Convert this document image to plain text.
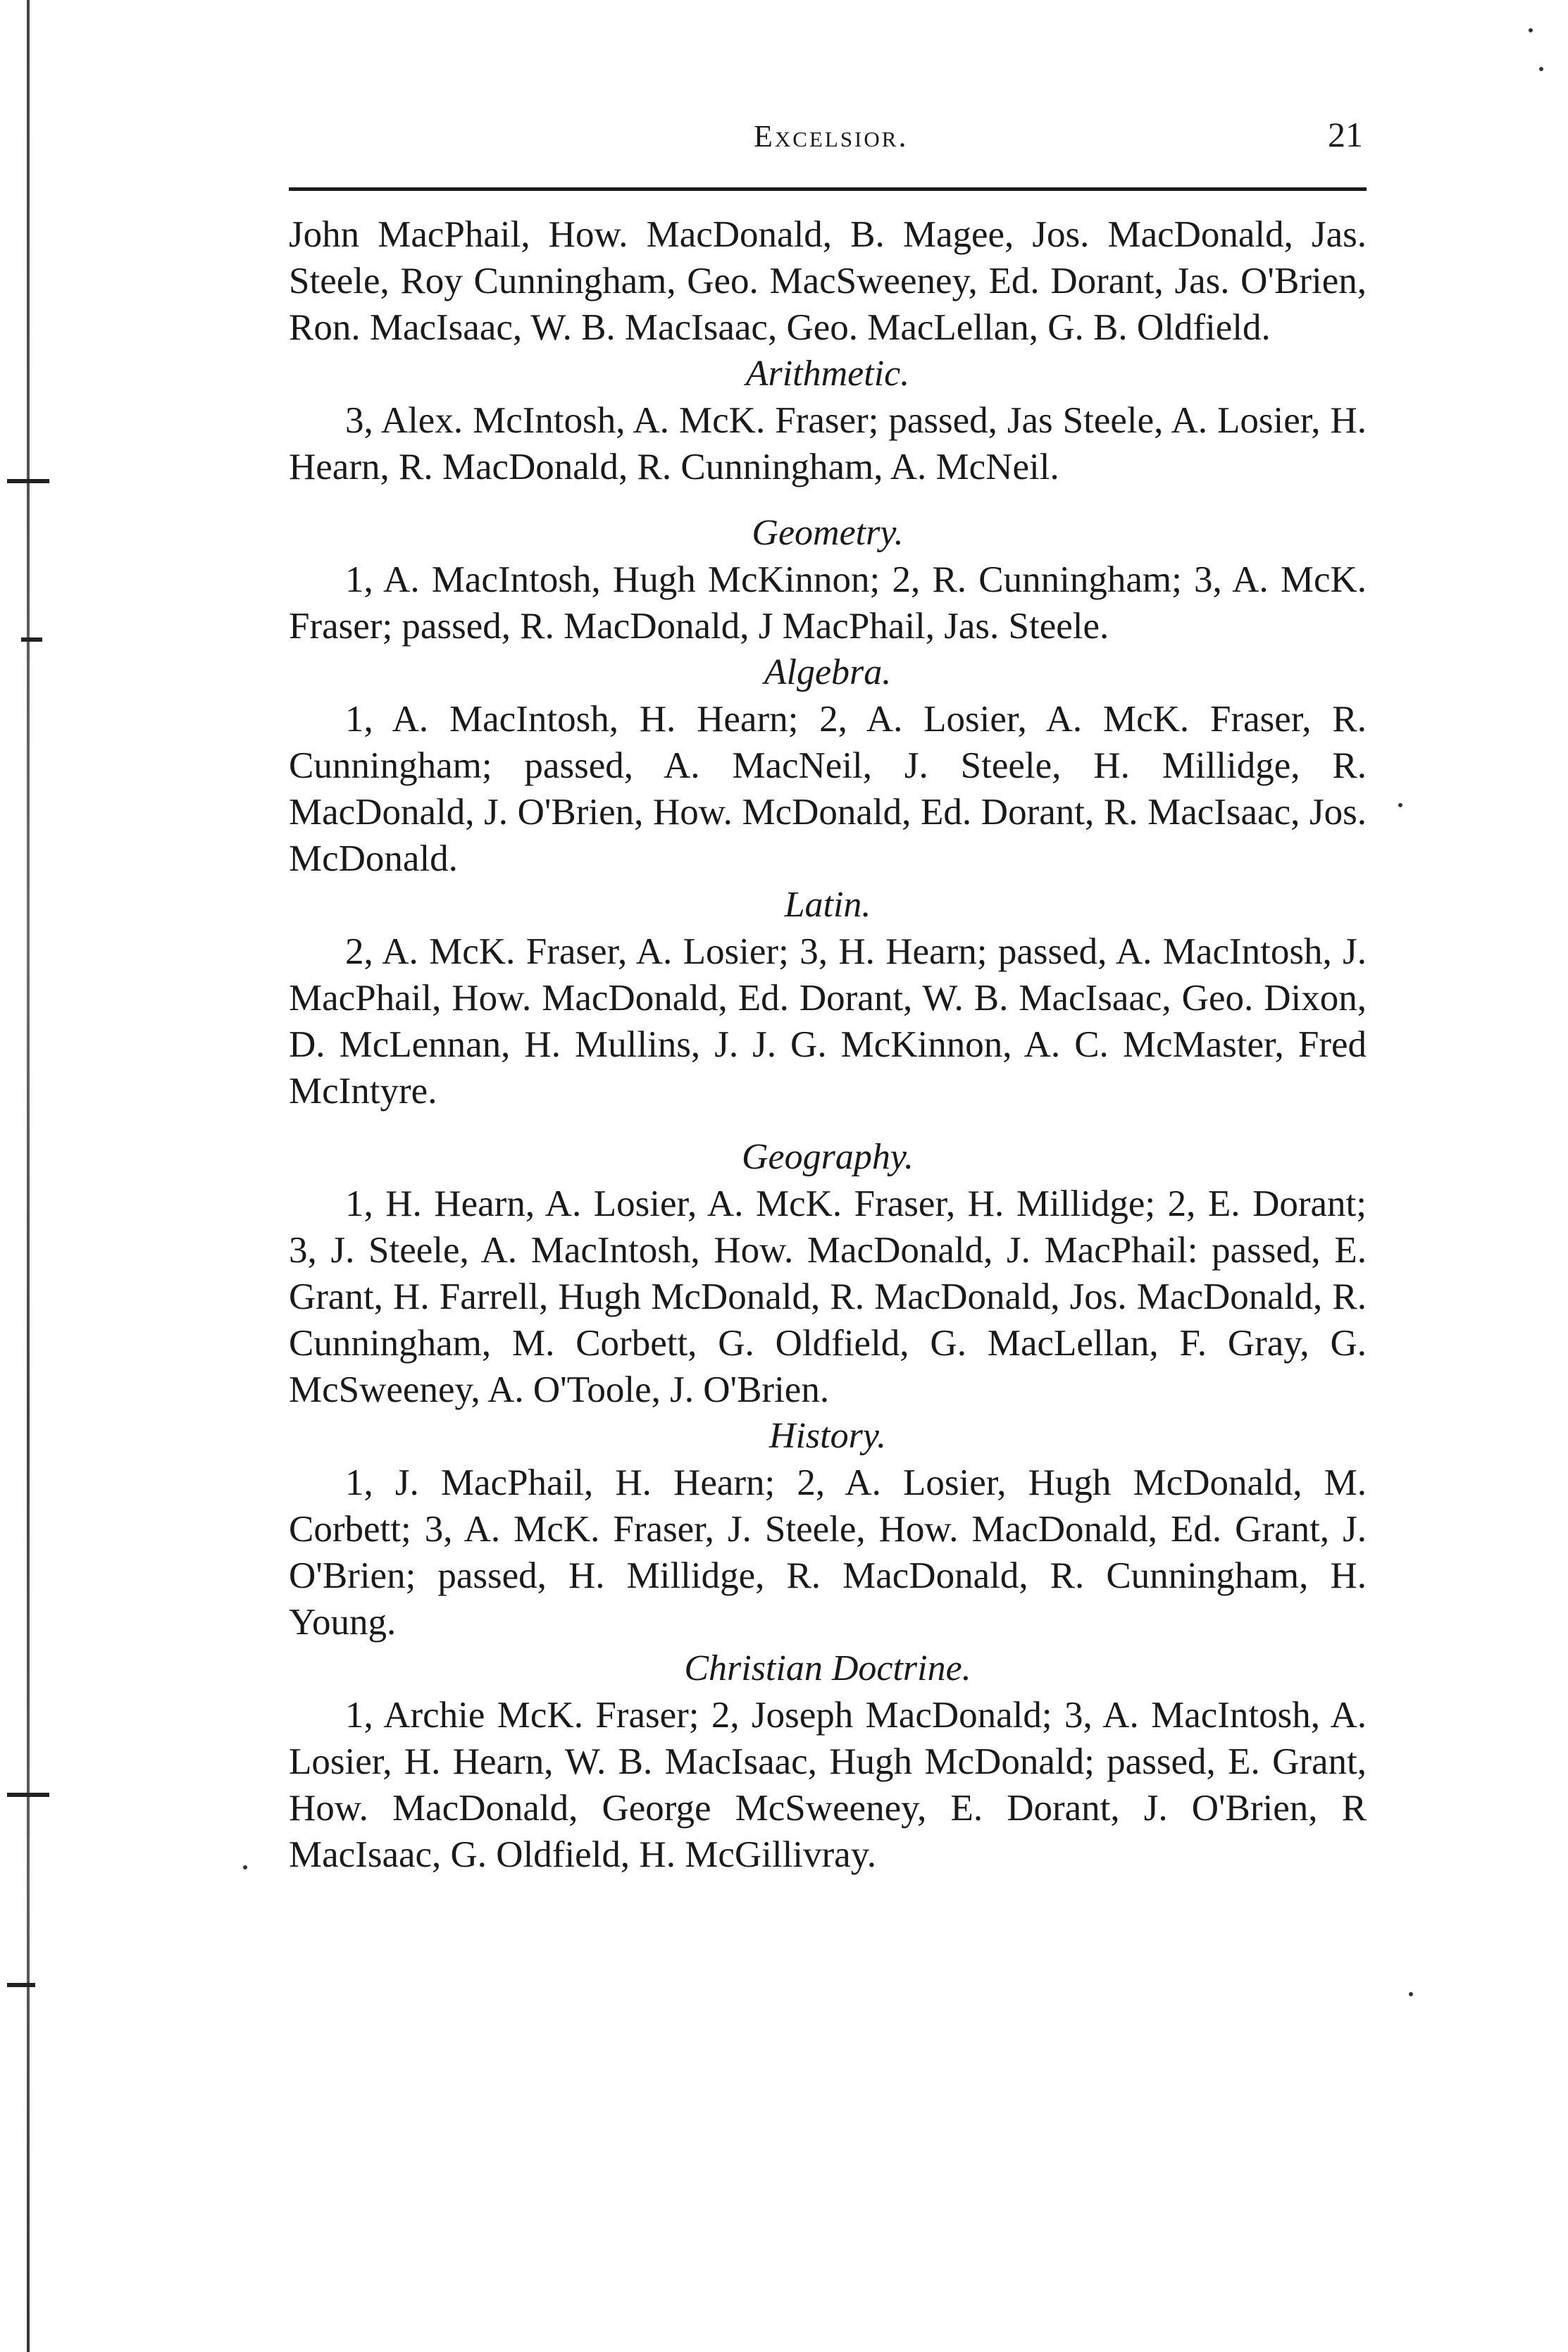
Excelsior.	21

John MacPhail, How. MacDonald, B. Magee, Jos. MacDonald, Jas. Steele, Roy Cunningham, Geo. MacSweeney, Ed. Dorant, Jas. O'Brien, Ron. MacIsaac, W. B. MacIsaac, Geo. MacLellan, G. B. Oldfield.

Arithmetic.

3, Alex. McIntosh, A. McK. Fraser; passed, Jas Steele, A. Losier, H. Hearn, R. MacDonald, R. Cunningham, A. McNeil.

Geometry.

1, A. MacIntosh, Hugh McKinnon; 2, R. Cunningham; 3, A. McK. Fraser; passed, R. MacDonald, J MacPhail, Jas. Steele.

Algebra.

1, A. MacIntosh, H. Hearn; 2, A. Losier, A. McK. Fraser, R. Cunningham; passed, A. MacNeil, J. Steele, H. Millidge, R. MacDonald, J. O'Brien, How. McDonald, Ed. Dorant, R. MacIsaac, Jos. McDonald.

Latin.

2, A. McK. Fraser, A. Losier; 3, H. Hearn; passed, A. MacIntosh, J. MacPhail, How. MacDonald, Ed. Dorant, W. B. MacIsaac, Geo. Dixon, D. McLennan, H. Mullins, J. J. G. McKinnon, A. C. McMaster, Fred McIntyre.

Geography.

1, H. Hearn, A. Losier, A. McK. Fraser, H. Millidge; 2, E. Dorant; 3, J. Steele, A. MacIntosh, How. MacDonald, J. MacPhail: passed, E. Grant, H. Farrell, Hugh McDonald, R. MacDonald, Jos. MacDonald, R. Cunningham, M. Corbett, G. Oldfield, G. MacLellan, F. Gray, G. McSweeney, A. O'Toole, J. O'Brien.

History.

1, J. MacPhail, H. Hearn; 2, A. Losier, Hugh McDonald, M. Corbett; 3, A. McK. Fraser, J. Steele, How. MacDonald, Ed. Grant, J. O'Brien; passed, H. Millidge, R. MacDonald, R. Cunningham, H. Young.

Christian Doctrine.

1, Archie McK. Fraser; 2, Joseph MacDonald; 3, A. MacIntosh, A. Losier, H. Hearn, W. B. MacIsaac, Hugh McDonald; passed, E. Grant, How. MacDonald, George McSweeney, E. Dorant, J. O'Brien, R MacIsaac, G. Oldfield, H. McGillivray.
